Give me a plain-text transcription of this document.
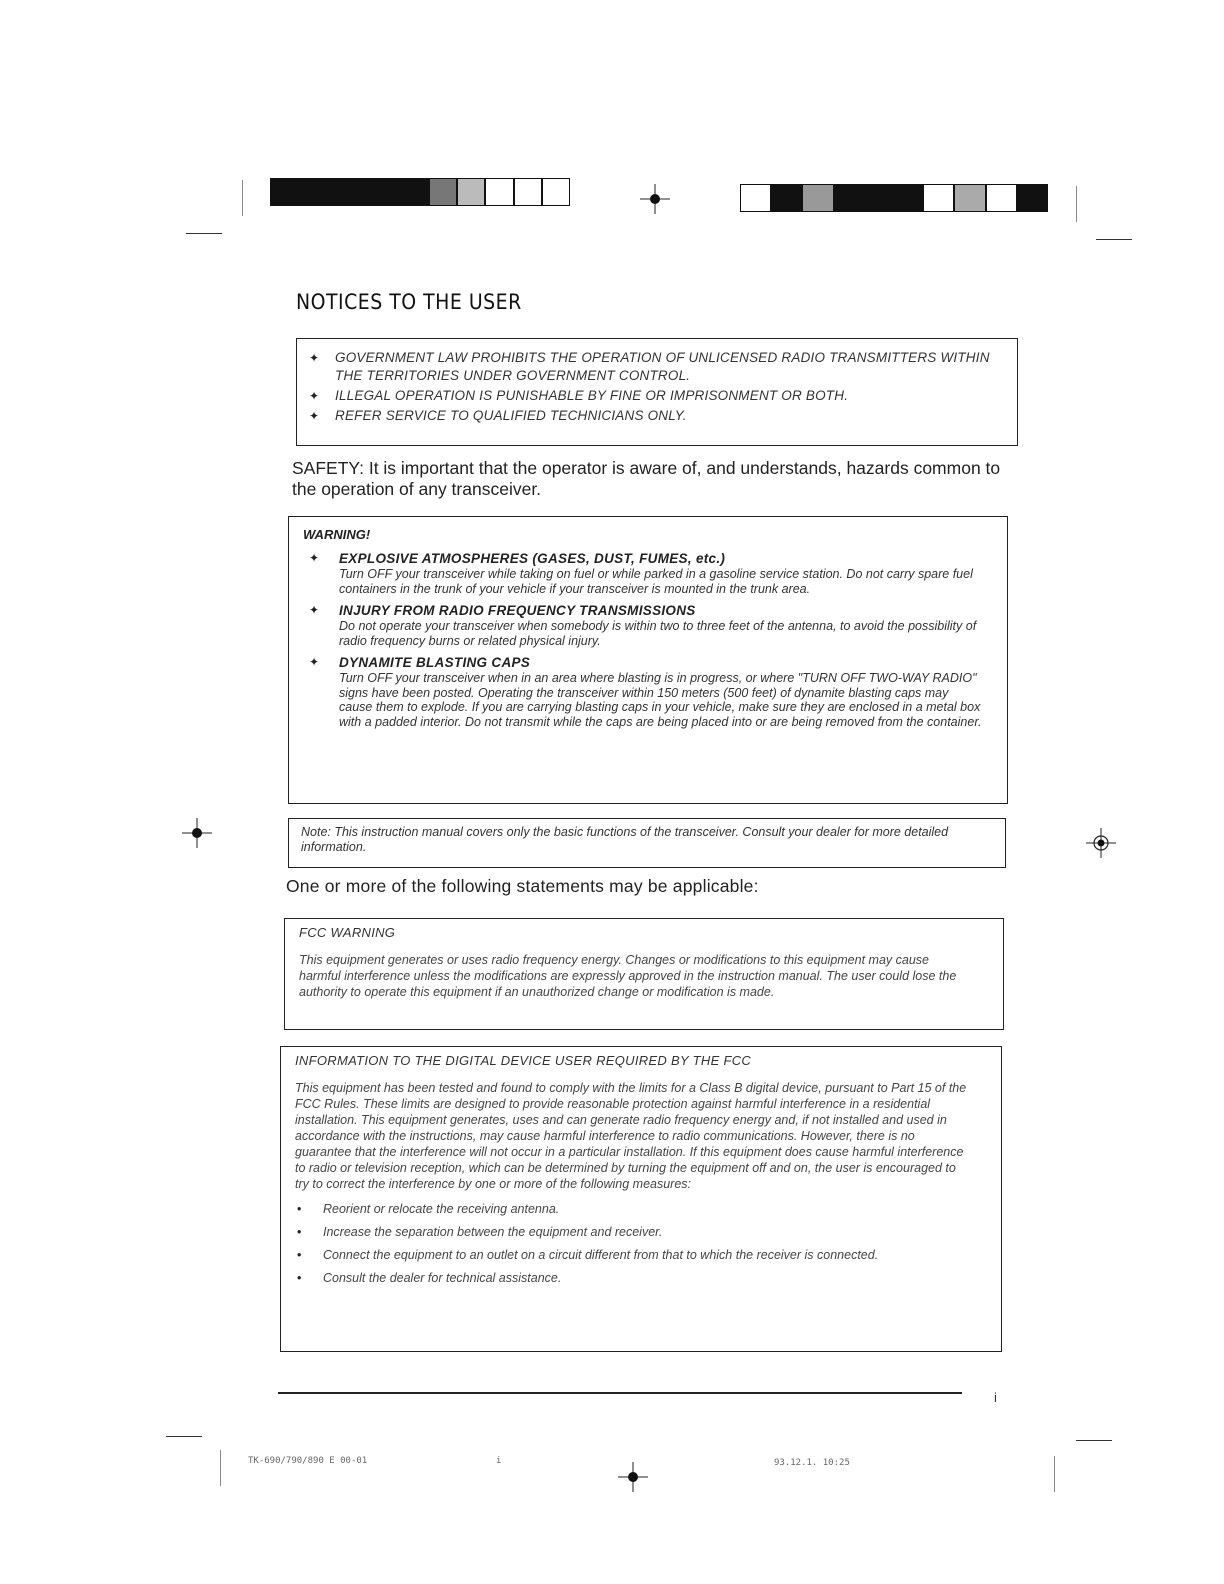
NOTICES TO THE USER
✦ GOVERNMENT LAW PROHIBITS THE OPERATION OF UNLICENSED RADIO TRANSMITTERS WITHIN THE TERRITORIES UNDER GOVERNMENT CONTROL.
✦ ILLEGAL OPERATION IS PUNISHABLE BY FINE OR IMPRISONMENT OR BOTH.
✦ REFER SERVICE TO QUALIFIED TECHNICIANS ONLY.
SAFETY: It is important that the operator is aware of, and understands, hazards common to the operation of any transceiver.
WARNING!
✦ EXPLOSIVE ATMOSPHERES (GASES, DUST, FUMES, etc.)
Turn OFF your transceiver while taking on fuel or while parked in a gasoline service station. Do not carry spare fuel containers in the trunk of your vehicle if your transceiver is mounted in the trunk area.
✦ INJURY FROM RADIO FREQUENCY TRANSMISSIONS
Do not operate your transceiver when somebody is within two to three feet of the antenna, to avoid the possibility of radio frequency burns or related physical injury.
✦ DYNAMITE BLASTING CAPS
Turn OFF your transceiver when in an area where blasting is in progress, or where "TURN OFF TWO-WAY RADIO" signs have been posted. Operating the transceiver within 150 meters (500 feet) of dynamite blasting caps may cause them to explode. If you are carrying blasting caps in your vehicle, make sure they are enclosed in a metal box with a padded interior. Do not transmit while the caps are being placed into or are being removed from the container.
Note: This instruction manual covers only the basic functions of the transceiver. Consult your dealer for more detailed information.
One or more of the following statements may be applicable:
FCC WARNING
This equipment generates or uses radio frequency energy. Changes or modifications to this equipment may cause harmful interference unless the modifications are expressly approved in the instruction manual. The user could lose the authority to operate this equipment if an unauthorized change or modification is made.
INFORMATION TO THE DIGITAL DEVICE USER REQUIRED BY THE FCC
This equipment has been tested and found to comply with the limits for a Class B digital device, pursuant to Part 15 of the FCC Rules. These limits are designed to provide reasonable protection against harmful interference in a residential installation. This equipment generates, uses and can generate radio frequency energy and, if not installed and used in accordance with the instructions, may cause harmful interference to radio communications. However, there is no guarantee that the interference will not occur in a particular installation. If this equipment does cause harmful interference to radio or television reception, which can be determined by turning the equipment off and on, the user is encouraged to try to correct the interference by one or more of the following measures:
• Reorient or relocate the receiving antenna.
• Increase the separation between the equipment and receiver.
• Connect the equipment to an outlet on a circuit different from that to which the receiver is connected.
• Consult the dealer for technical assistance.
i
TK-690/790/890 E 00-01	i	93.12.1. 10:25
